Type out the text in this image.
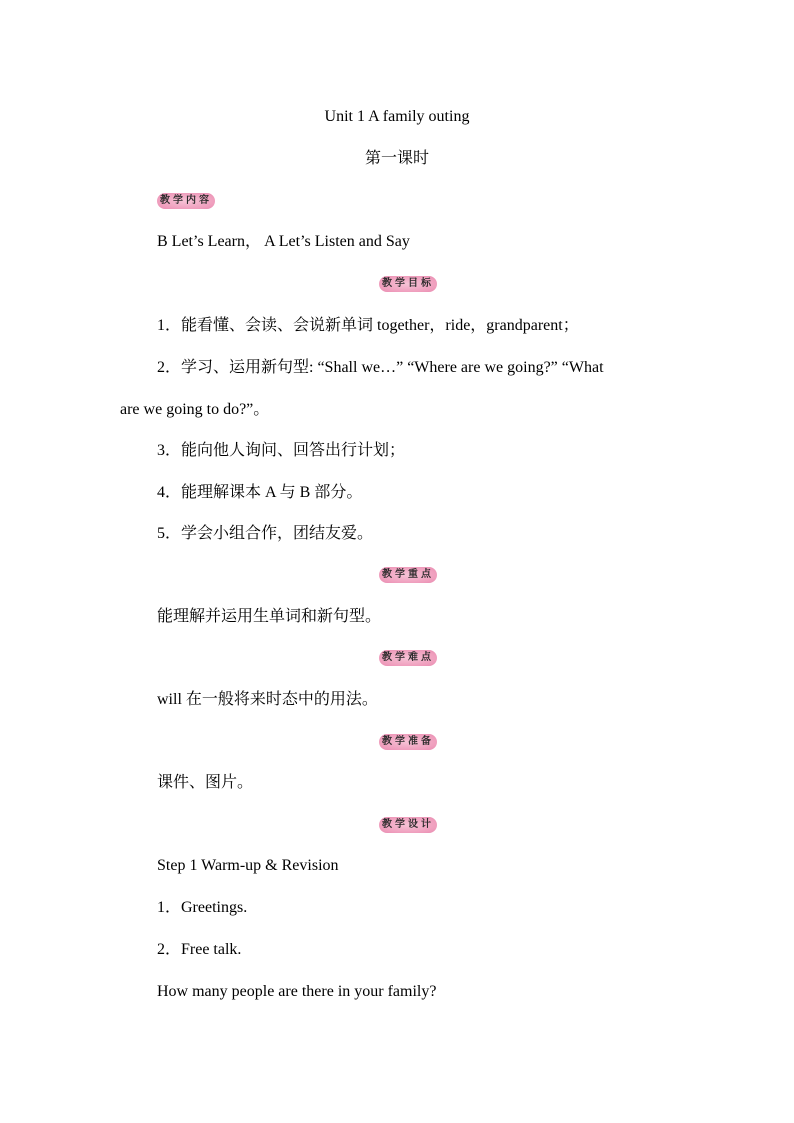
Unit 1 A family outing
第一课时
教学内容
B Let’s Learn， A Let’s Listen and Say
教学目标
1．能看懂、会读、会说新单词 together，ride，grandparent；
2．学习、运用新句型: “Shall we…” “Where are we going?” “What
are we going to do?”。
3．能向他人询问、回答出行计划；
4．能理解课本 A 与 B 部分。
5．学会小组合作，团结友爱。
教学重点
能理解并运用生单词和新句型。
教学难点
will 在一般将来时态中的用法。
教学准备
课件、图片。
教学设计
Step 1 Warm-up & Revision
1．Greetings.
2．Free talk.
How many people are there in your family?
